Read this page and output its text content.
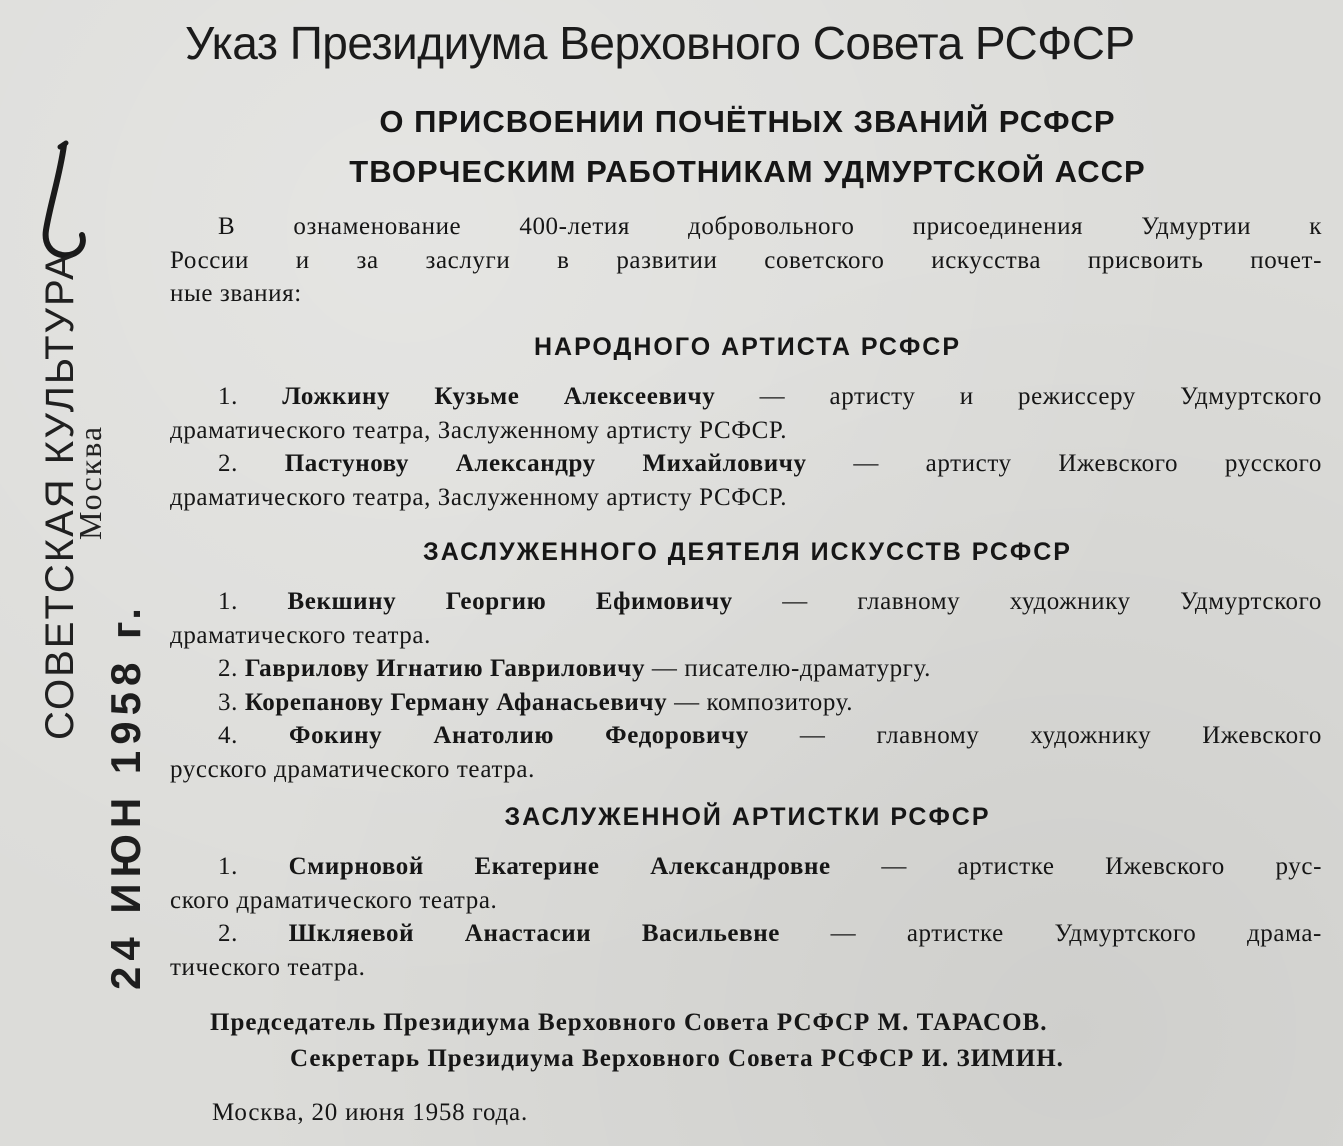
СОВЕТСКАЯ КУЛЬТУРА
Москва
24 ИЮН 1958 г.
Указ Президиума Верховного Совета РСФСР
О ПРИСВОЕНИИ ПОЧЁТНЫХ ЗВАНИЙ РСФСР
ТВОРЧЕСКИМ РАБОТНИКАМ УДМУРТСКОЙ АССР
В ознаменование 400-летия добровольного присоединения Удмуртии к
России и за заслуги в развитии советского искусства присвоить почет-
ные звания:
НАРОДНОГО АРТИСТА РСФСР
1. Ложкину Кузьме Алексеевичу — артисту и режиссеру Удмуртского
драматического театра, Заслуженному артисту РСФСР.
2. Пастунову Александру Михайловичу — артисту Ижевского русского
драматического театра, Заслуженному артисту РСФСР.
ЗАСЛУЖЕННОГО ДЕЯТЕЛЯ ИСКУССТВ РСФСР
1. Векшину Георгию Ефимовичу — главному художнику Удмуртского
драматического театра.
2. Гаврилову Игнатию Гавриловичу — писателю-драматургу.
3. Корепанову Герману Афанасьевичу — композитору.
4. Фокину Анатолию Федоровичу — главному художнику Ижевского
русского драматического театра.
ЗАСЛУЖЕННОЙ АРТИСТКИ РСФСР
1. Смирновой Екатерине Александровне — артистке Ижевского рус-
ского драматического театра.
2. Шкляевой Анастасии Васильевне — артистке Удмуртского драма-
тического театра.
Председатель Президиума Верховного Совета РСФСР М. ТАРАСОВ.
Секретарь Президиума Верховного Совета РСФСР И. ЗИМИН.
Москва, 20 июня 1958 года.
